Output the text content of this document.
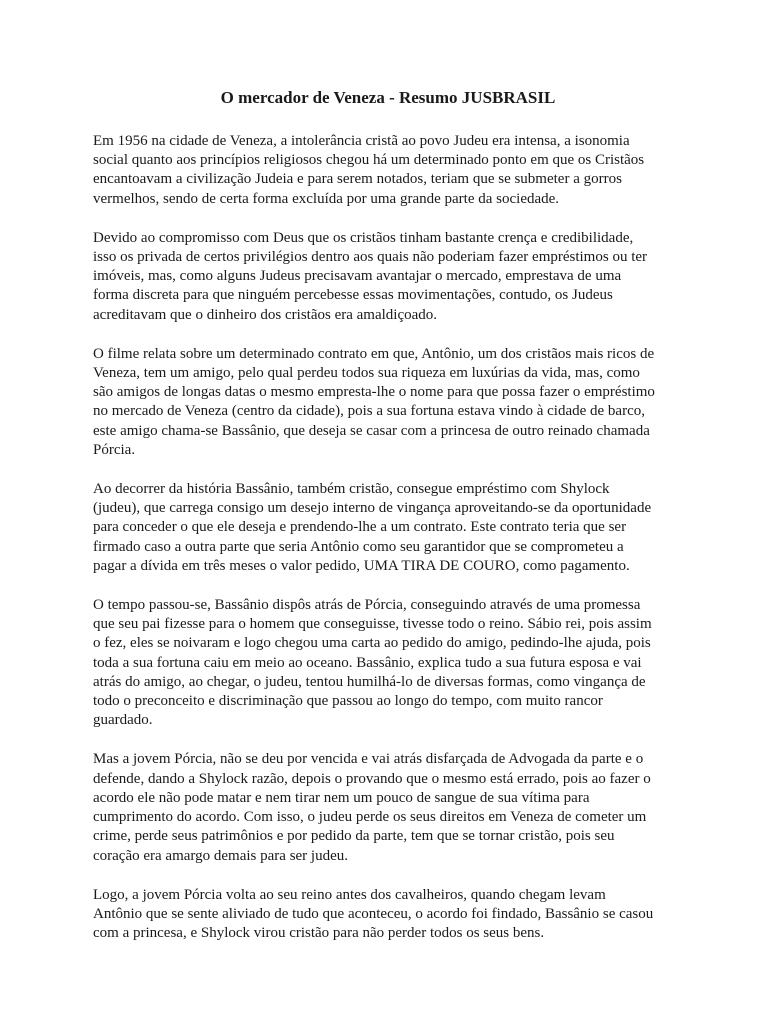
O mercador de Veneza - Resumo JUSBRASIL

Em 1956 na cidade de Veneza, a intolerância cristã ao povo Judeu era intensa, a isonomia
social quanto aos princípios religiosos chegou há um determinado ponto em que os Cristãos
encantoavam a civilização Judeia e para serem notados, teriam que se submeter a gorros
vermelhos, sendo de certa forma excluída por uma grande parte da sociedade.

Devido ao compromisso com Deus que os cristãos tinham bastante crença e credibilidade,
isso os privada de certos privilégios dentro aos quais não poderiam fazer empréstimos ou ter
imóveis, mas, como alguns Judeus precisavam avantajar o mercado, emprestava de uma
forma discreta para que ninguém percebesse essas movimentações, contudo, os Judeus
acreditavam que o dinheiro dos cristãos era amaldiçoado.

O filme relata sobre um determinado contrato em que, Antônio, um dos cristãos mais ricos de
Veneza, tem um amigo, pelo qual perdeu todos sua riqueza em luxúrias da vida, mas, como
são amigos de longas datas o mesmo empresta-lhe o nome para que possa fazer o empréstimo
no mercado de Veneza (centro da cidade), pois a sua fortuna estava vindo à cidade de barco,
este amigo chama-se Bassânio, que deseja se casar com a princesa de outro reinado chamada
Pórcia.

Ao decorrer da história Bassânio, também cristão, consegue empréstimo com Shylock
(judeu), que carrega consigo um desejo interno de vingança aproveitando-se da oportunidade
para conceder o que ele deseja e prendendo-lhe a um contrato. Este contrato teria que ser
firmado caso a outra parte que seria Antônio como seu garantidor que se comprometeu a
pagar a dívida em três meses o valor pedido, UMA TIRA DE COURO, como pagamento.

O tempo passou-se, Bassânio dispôs atrás de Pórcia, conseguindo através de uma promessa
que seu pai fizesse para o homem que conseguisse, tivesse todo o reino. Sábio rei, pois assim
o fez, eles se noivaram e logo chegou uma carta ao pedido do amigo, pedindo-lhe ajuda, pois
toda a sua fortuna caiu em meio ao oceano. Bassânio, explica tudo a sua futura esposa e vai
atrás do amigo, ao chegar, o judeu, tentou humilhá-lo de diversas formas, como vingança de
todo o preconceito e discriminação que passou ao longo do tempo, com muito rancor
guardado.

Mas a jovem Pórcia, não se deu por vencida e vai atrás disfarçada de Advogada da parte e o
defende, dando a Shylock razão, depois o provando que o mesmo está errado, pois ao fazer o
acordo ele não pode matar e nem tirar nem um pouco de sangue de sua vítima para
cumprimento do acordo. Com isso, o judeu perde os seus direitos em Veneza de cometer um
crime, perde seus patrimônios e por pedido da parte, tem que se tornar cristão, pois seu
coração era amargo demais para ser judeu.

Logo, a jovem Pórcia volta ao seu reino antes dos cavalheiros, quando chegam levam
Antônio que se sente aliviado de tudo que aconteceu, o acordo foi findado, Bassânio se casou
com a princesa, e Shylock virou cristão para não perder todos os seus bens.
